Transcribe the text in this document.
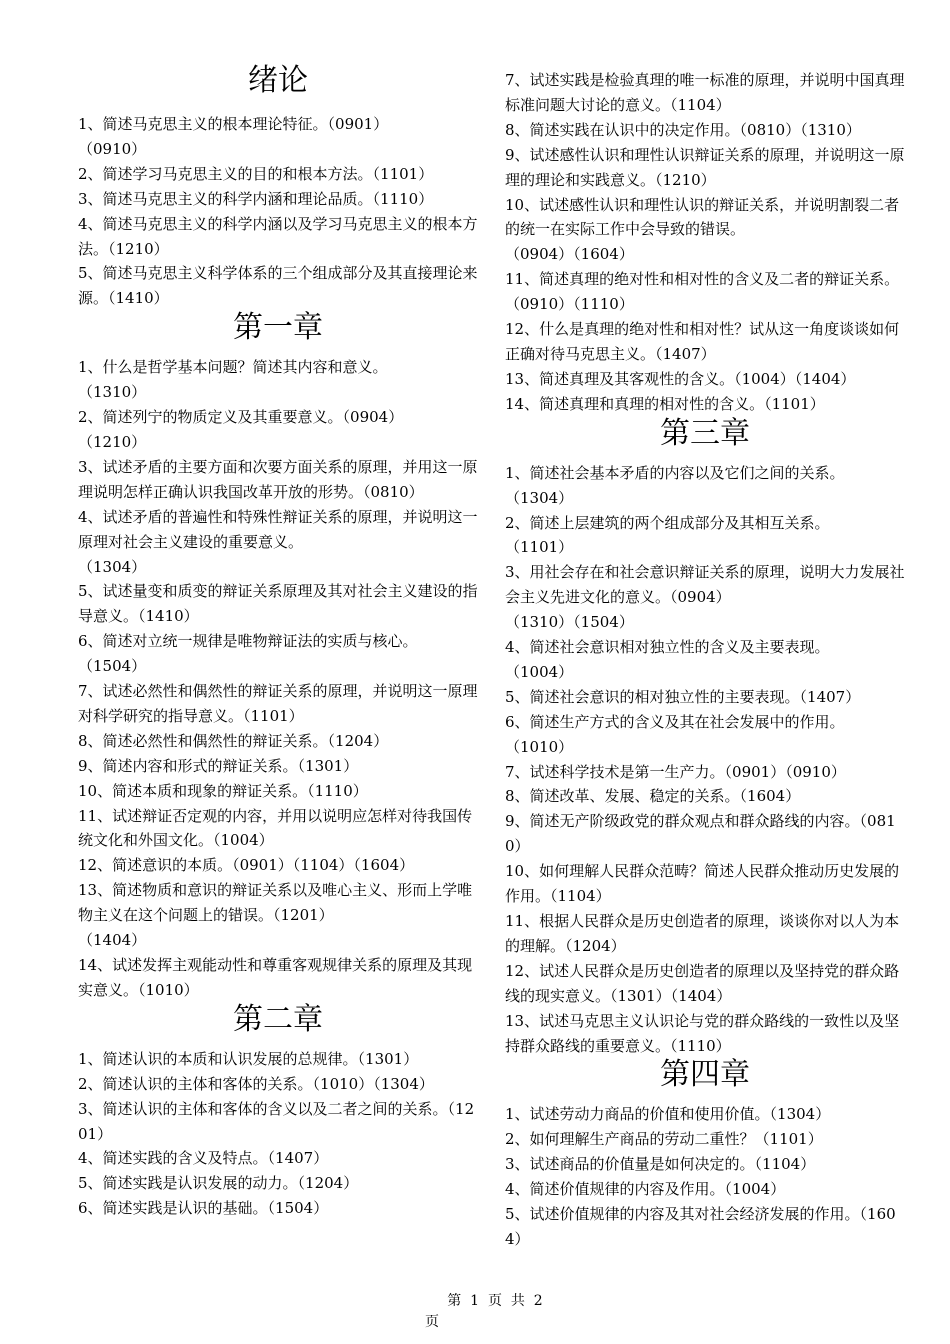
绪论

1、简述马克思主义的根本理论特征。（0901）
（0910）

2、简述学习马克思主义的目的和根本方法。（1101）

3、简述马克思主义的科学内涵和理论品质。（1110）

4、简述马克思主义的科学内涵以及学习马克思主义的根本方法。（1210）

5、简述马克思主义科学体系的三个组成部分及其直接理论来源。（1410）

第一章

1、什么是哲学基本问题？简述其内容和意义。
（1310）

2、简述列宁的物质定义及其重要意义。（0904）
（1210）

3、试述矛盾的主要方面和次要方面关系的原理，并用这一原理说明怎样正确认识我国改革开放的形势。（0810）

4、试述矛盾的普遍性和特殊性辩证关系的原理，并说明这一原理对社会主义建设的重要意义。
（1304）

5、试述量变和质变的辩证关系原理及其对社会主义建设的指导意义。（1410）

6、简述对立统一规律是唯物辩证法的实质与核心。
（1504）

7、试述必然性和偶然性的辩证关系的原理，并说明这一原理对科学研究的指导意义。（1101）

8、简述必然性和偶然性的辩证关系。（1204）

9、简述内容和形式的辩证关系。（1301）

10、简述本质和现象的辩证关系。（1110）

11、试述辩证否定观的内容，并用以说明应怎样对待我国传统文化和外国文化。（1004）

12、简述意识的本质。（0901）（1104）（1604）

13、简述物质和意识的辩证关系以及唯心主义、形而上学唯物主义在这个问题上的错误。（1201）
（1404）

14、试述发挥主观能动性和尊重客观规律关系的原理及其现实意义。（1010）

第二章

1、简述认识的本质和认识发展的总规律。（1301）

2、简述认识的主体和客体的关系。（1010）（1304）

3、简述认识的主体和客体的含义以及二者之间的关系。（1201）

4、简述实践的含义及特点。（1407）

5、简述实践是认识发展的动力。（1204）

6、简述实践是认识的基础。（1504）

7、试述实践是检验真理的唯一标准的原理，并说明中国真理标准问题大讨论的意义。（1104）

8、简述实践在认识中的决定作用。（0810）（1310）

9、试述感性认识和理性认识辩证关系的原理，并说明这一原理的理论和实践意义。（1210）

10、试述感性认识和理性认识的辩证关系，并说明割裂二者的统一在实际工作中会导致的错误。
（0904）（1604）

11、简述真理的绝对性和相对性的含义及二者的辩证关系。（0910）（1110）

12、什么是真理的绝对性和相对性？试从这一角度谈谈如何正确对待马克思主义。（1407）

13、简述真理及其客观性的含义。（1004）（1404）

14、简述真理和真理的相对性的含义。（1101）

第三章

1、简述社会基本矛盾的内容以及它们之间的关系。
（1304）

2、简述上层建筑的两个组成部分及其相互关系。
（1101）

3、用社会存在和社会意识辩证关系的原理，说明大力发展社会主义先进文化的意义。（0904）
（1310）（1504）

4、简述社会意识相对独立性的含义及主要表现。
（1004）

5、简述社会意识的相对独立性的主要表现。（1407）

6、简述生产方式的含义及其在社会发展中的作用。
（1010）

7、试述科学技术是第一生产力。（0901）（0910）

8、简述改革、发展、稳定的关系。（1604）

9、简述无产阶级政党的群众观点和群众路线的内容。（0810）

10、如何理解人民群众范畴？简述人民群众推动历史发展的作用。（1104）

11、根据人民群众是历史创造者的原理，谈谈你对以人为本的理解。（1204）

12、试述人民群众是历史创造者的原理以及坚持党的群众路线的现实意义。（1301）（1404）

13、试述马克思主义认识论与党的群众路线的一致性以及坚持群众路线的重要意义。（1110）

第四章

1、试述劳动力商品的价值和使用价值。（1304）

2、如何理解生产商品的劳动二重性？（1101）

3、试述商品的价值量是如何决定的。（1104）

4、简述价值规律的内容及作用。（1004）

5、试述价值规律的内容及其对社会经济发展的作用。（1604）

第  1  页  共  2
页
